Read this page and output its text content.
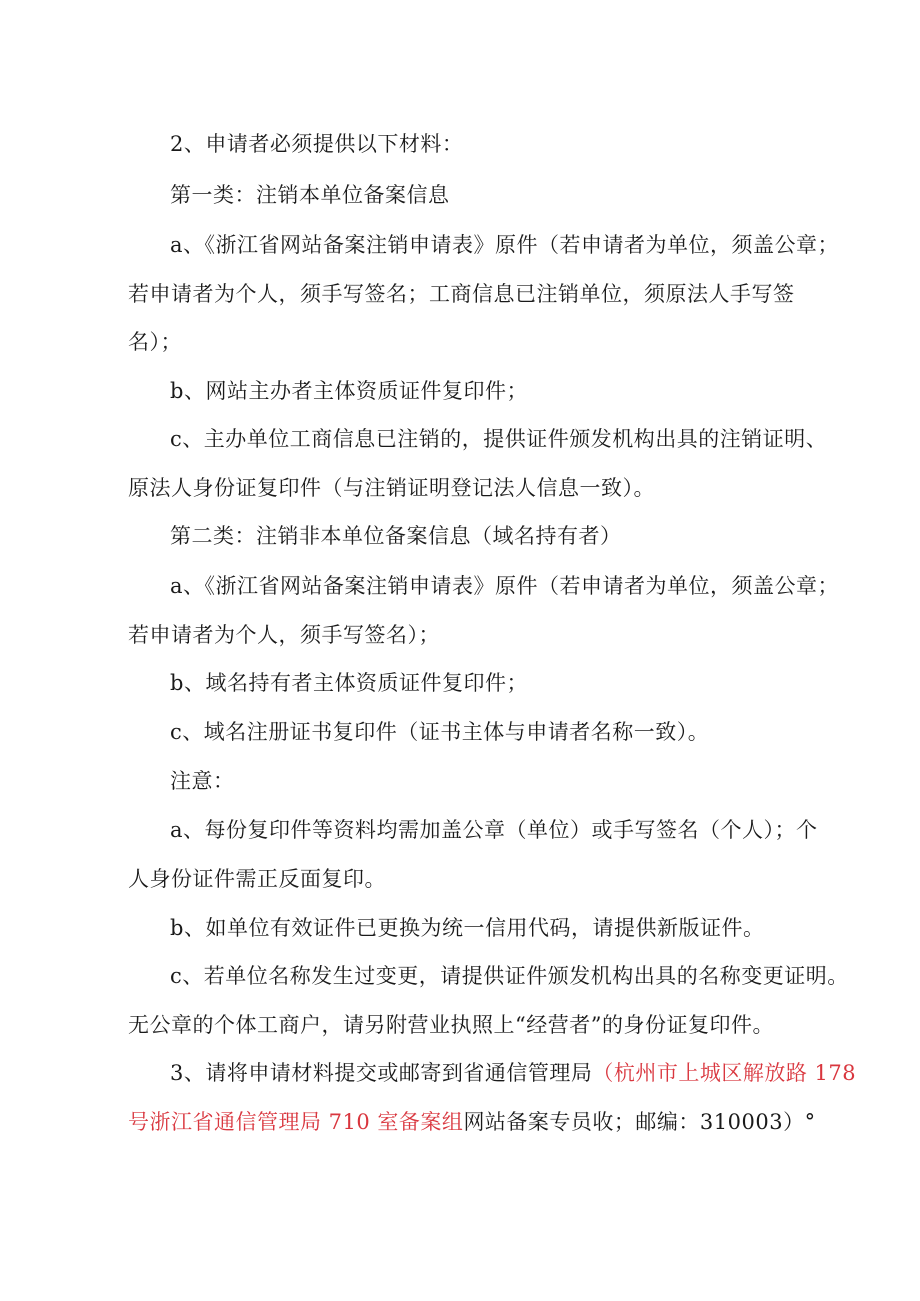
2、申请者必须提供以下材料：
第一类：注销本单位备案信息
a、《浙江省网站备案注销申请表》原件（若申请者为单位，须盖公章；
若申请者为个人，须手写签名；工商信息已注销单位，须原法人手写签
名）；
b、网站主办者主体资质证件复印件；
c、主办单位工商信息已注销的，提供证件颁发机构出具的注销证明、
原法人身份证复印件（与注销证明登记法人信息一致）。
第二类：注销非本单位备案信息（域名持有者）
a、《浙江省网站备案注销申请表》原件（若申请者为单位，须盖公章；
若申请者为个人，须手写签名）；
b、域名持有者主体资质证件复印件；
c、域名注册证书复印件（证书主体与申请者名称一致）。
注意：
a、每份复印件等资料均需加盖公章（单位）或手写签名（个人）；个
人身份证件需正反面复印。
b、如单位有效证件已更换为统一信用代码，请提供新版证件。
c、若单位名称发生过变更，请提供证件颁发机构出具的名称变更证明。
无公章的个体工商户，请另附营业执照上“经营者”的身份证复印件。
3、请将申请材料提交或邮寄到省通信管理局（杭州市上城区解放路 178
号浙江省通信管理局 710 室备案组网站备案专员收；邮编：310003）°
